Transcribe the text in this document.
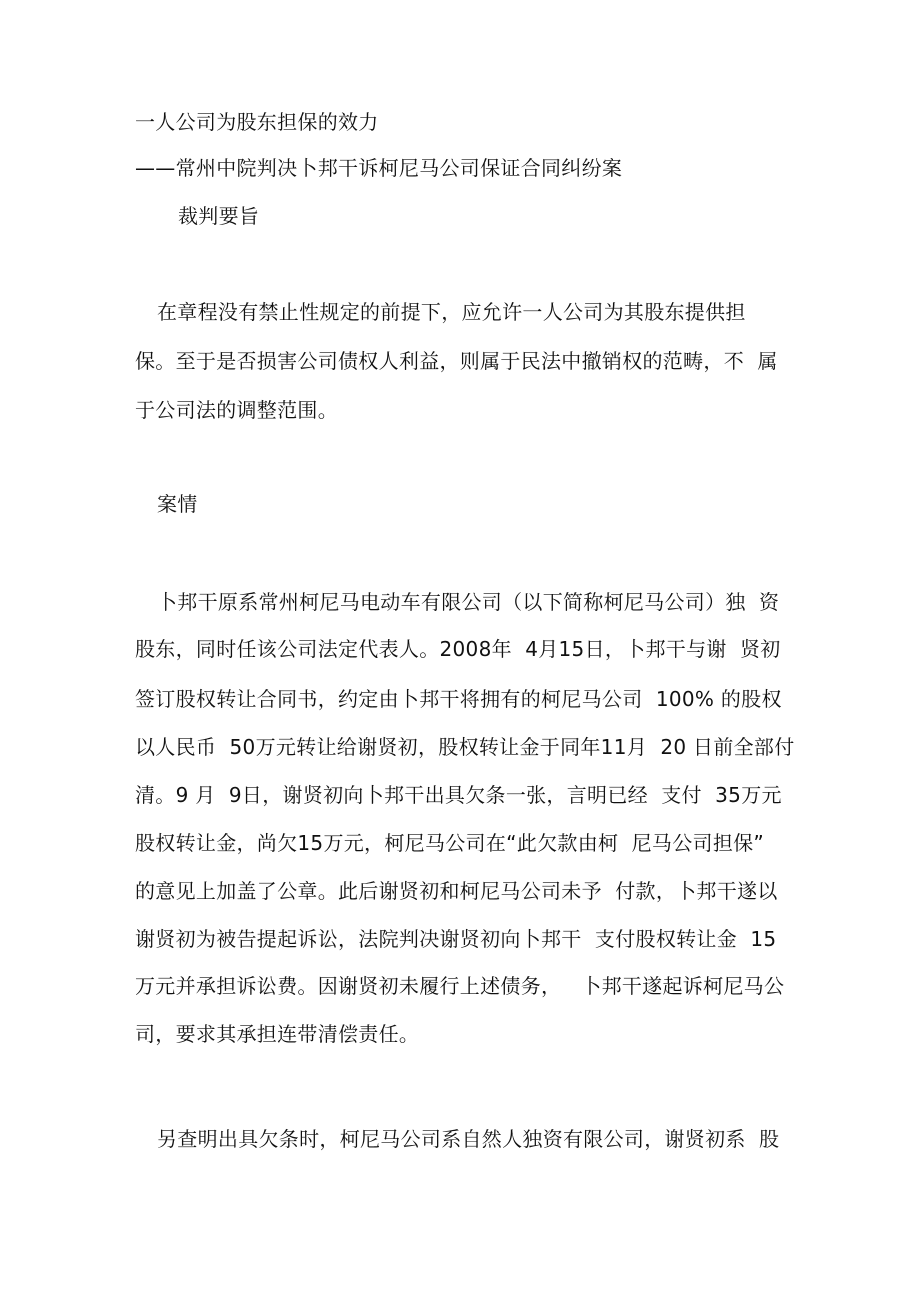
一人公司为股东担保的效力
——常州中院判决卜邦干诉柯尼马公司保证合同纠纷案
裁判要旨
在章程没有禁止性规定的前提下，应允许一人公司为其股东提供担
保。至于是否损害公司债权人利益，则属于民法中撤销权的范畴，不  属
于公司法的调整范围。
案情
卜邦干原系常州柯尼马电动车有限公司（以下简称柯尼马公司）独  资
股东，同时任该公司法定代表人。2008年  4月15日，卜邦干与谢  贤初
签订股权转让合同书，约定由卜邦干将拥有的柯尼马公司  100% 的股权
以人民币  50万元转让给谢贤初，股权转让金于同年11月  20 日前全部付
清。9 月  9日，谢贤初向卜邦干出具欠条一张，言明已经  支付  35万元
股权转让金，尚欠15万元，柯尼马公司在“此欠款由柯  尼马公司担保”
的意见上加盖了公章。此后谢贤初和柯尼马公司未予  付款，卜邦干遂以
谢贤初为被告提起诉讼，法院判决谢贤初向卜邦干  支付股权转让金  15
万元并承担诉讼费。因谢贤初未履行上述债务，   卜邦干遂起诉柯尼马公
司，要求其承担连带清偿责任。
另查明出具欠条时，柯尼马公司系自然人独资有限公司，谢贤初系  股
